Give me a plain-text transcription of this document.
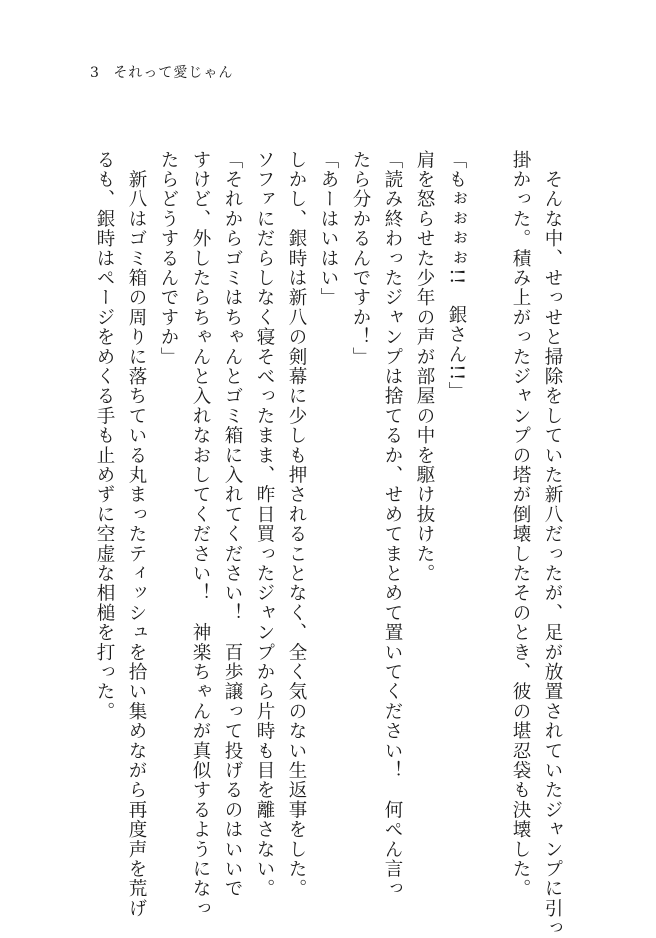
3 それって愛じゃん
　そんな中、せっせと掃除をしていた新八だったが、足が放置されていたジャンプに引っ
掛かった。積み上がったジャンプの塔が倒壊したそのとき、彼の堪忍袋も決壊した。

「もぉぉぉぉ!!　銀さん!!」
肩を怒らせた少年の声が部屋の中を駆け抜けた。
「読み終わったジャンプは捨てるか、せめてまとめて置いてください！　何ぺん言っ
たら分かるんですか！」
「あーはいはい」
しかし、銀時は新八の剣幕に少しも押されることなく、全く気のない生返事をした。
ソファにだらしなく寝そべったまま、昨日買ったジャンプから片時も目を離さない。
「それからゴミはちゃんとゴミ箱に入れてください！　百歩譲って投げるのはいいで
すけど、外したらちゃんと入れなおしてください！　神楽ちゃんが真似するようになっ
たらどうするんですか」
　新八はゴミ箱の周りに落ちている丸まったティッシュを拾い集めながら再度声を荒げ
るも、銀時はページをめくる手も止めずに空虚な相槌を打った。
